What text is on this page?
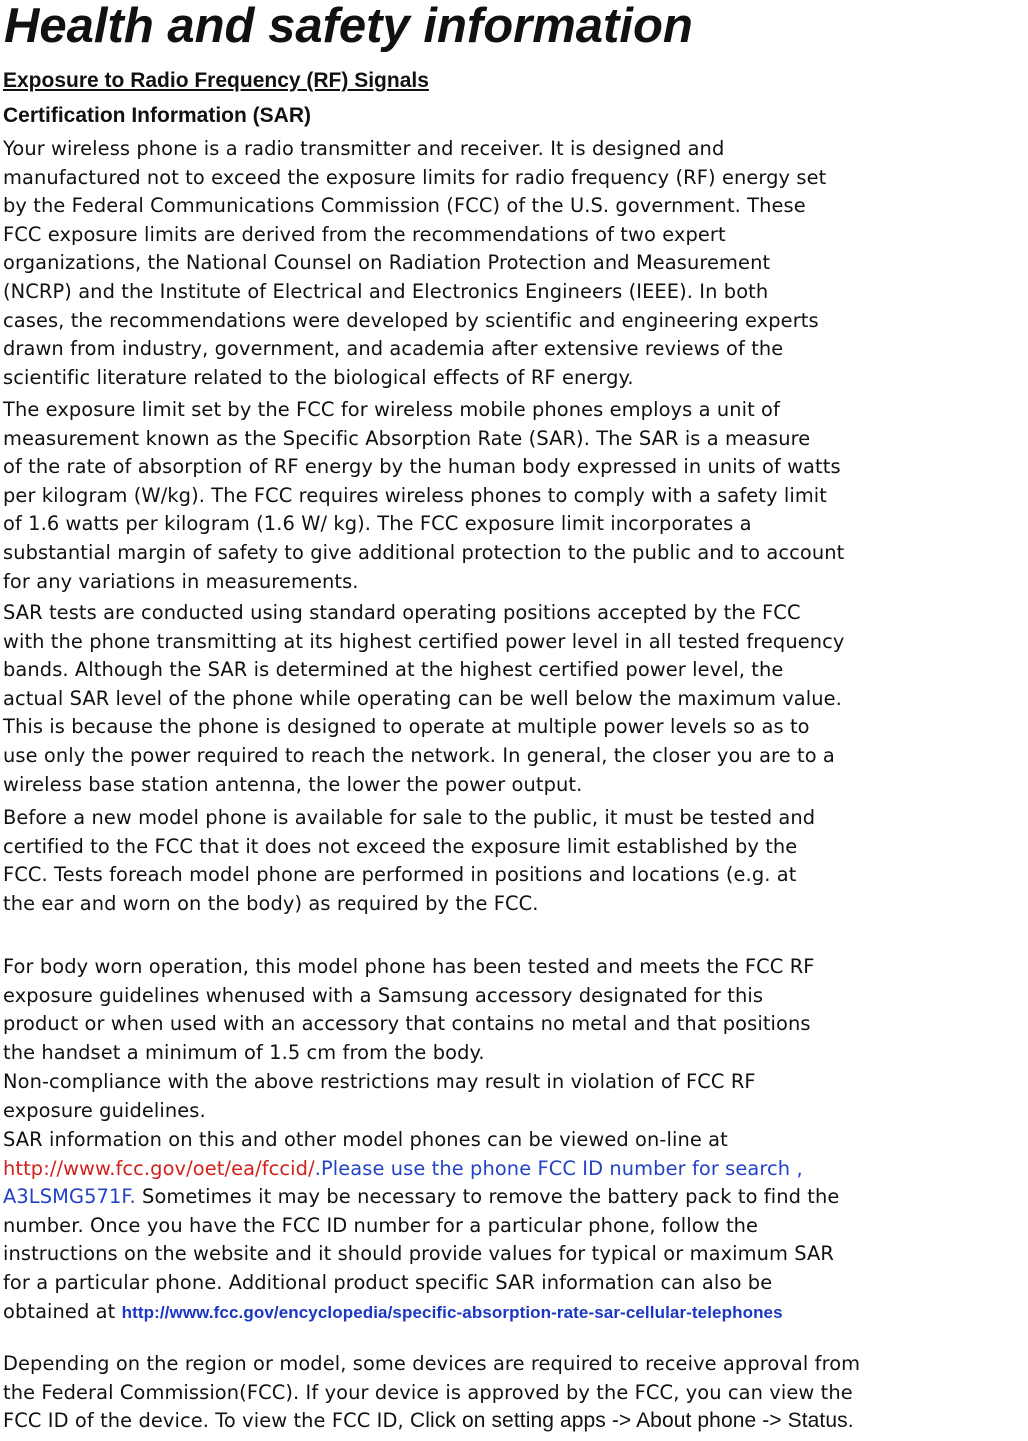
Health and safety information
Exposure to Radio Frequency (RF) Signals
Certification Information (SAR)
Your wireless phone is a radio transmitter and receiver. It is designed and
manufactured not to exceed the exposure limits for radio frequency (RF) energy set
by the Federal Communications Commission (FCC) of the U.S. government. These
FCC exposure limits are derived from the recommendations of two expert
organizations, the National Counsel on Radiation Protection and Measurement
(NCRP) and the Institute of Electrical and Electronics Engineers (IEEE). In both
cases, the recommendations were developed by scientific and engineering experts
drawn from industry, government, and academia after extensive reviews of the
scientific literature related to the biological effects of RF energy.
The exposure limit set by the FCC for wireless mobile phones employs a unit of
measurement known as the Specific Absorption Rate (SAR). The SAR is a measure
of the rate of absorption of RF energy by the human body expressed in units of watts
per kilogram (W/kg). The FCC requires wireless phones to comply with a safety limit
of 1.6 watts per kilogram (1.6 W/ kg). The FCC exposure limit incorporates a
substantial margin of safety to give additional protection to the public and to account
for any variations in measurements.
SAR tests are conducted using standard operating positions accepted by the FCC
with the phone transmitting at its highest certified power level in all tested frequency
bands. Although the SAR is determined at the highest certified power level, the
actual SAR level of the phone while operating can be well below the maximum value.
This is because the phone is designed to operate at multiple power levels so as to
use only the power required to reach the network. In general, the closer you are to a
wireless base station antenna, the lower the power output.
Before a new model phone is available for sale to the public, it must be tested and
certified to the FCC that it does not exceed the exposure limit established by the
FCC. Tests foreach model phone are performed in positions and locations (e.g. at
the ear and worn on the body) as required by the FCC.
For body worn operation, this model phone has been tested and meets the FCC RF
exposure guidelines whenused with a Samsung accessory designated for this
product or when used with an accessory that contains no metal and that positions
the handset a minimum of 1.5 cm from the body.
Non-compliance with the above restrictions may result in violation of FCC RF
exposure guidelines.
SAR information on this and other model phones can be viewed on-line at
http://www.fcc.gov/oet/ea/fccid/.Please use the phone FCC ID number for search ,
A3LSMG571F. Sometimes it may be necessary to remove the battery pack to find the
number. Once you have the FCC ID number for a particular phone, follow the
instructions on the website and it should provide values for typical or maximum SAR
for a particular phone. Additional product specific SAR information can also be
obtained at http://www.fcc.gov/encyclopedia/specific-absorption-rate-sar-cellular-telephones
Depending on the region or model, some devices are required to receive approval from
the Federal Commission(FCC). If your device is approved by the FCC, you can view the
FCC ID of the device. To view the FCC ID, Click on setting apps -> About phone -> Status.
